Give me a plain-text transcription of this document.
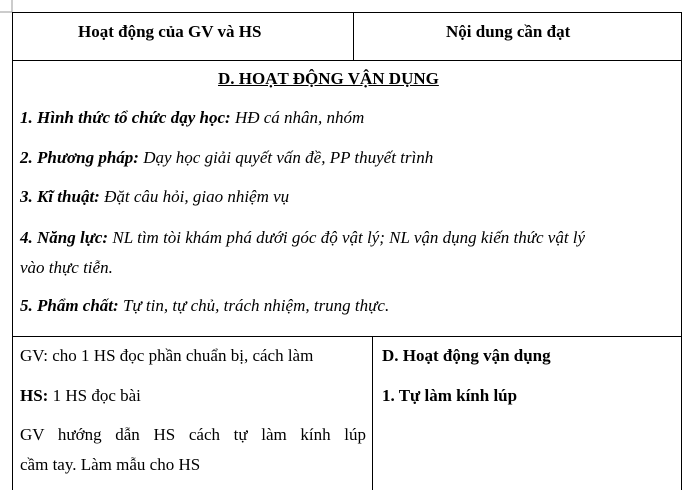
Hoạt động của GV và HS	Nội dung cần đạt
D. HOẠT ĐỘNG VẬN DỤNG
1. Hình thức tổ chức dạy học: HĐ cá nhân, nhóm
2. Phương pháp: Dạy học giải quyết vấn đề, PP thuyết trình
3. Kĩ thuật: Đặt câu hỏi, giao nhiệm vụ
4. Năng lực: NL tìm tòi khám phá dưới góc độ vật lý; NL vận dụng kiến thức vật lý
vào thực tiễn.
5. Phẩm chất: Tự tin, tự chủ, trách nhiệm, trung thực.
GV: cho 1 HS đọc phần chuẩn bị, cách làm
HS: 1 HS đọc bài
GV hướng dẫn HS cách tự làm kính lúp
cầm tay. Làm mẫu cho HS
D. Hoạt động vận dụng
1. Tự làm kính lúp
